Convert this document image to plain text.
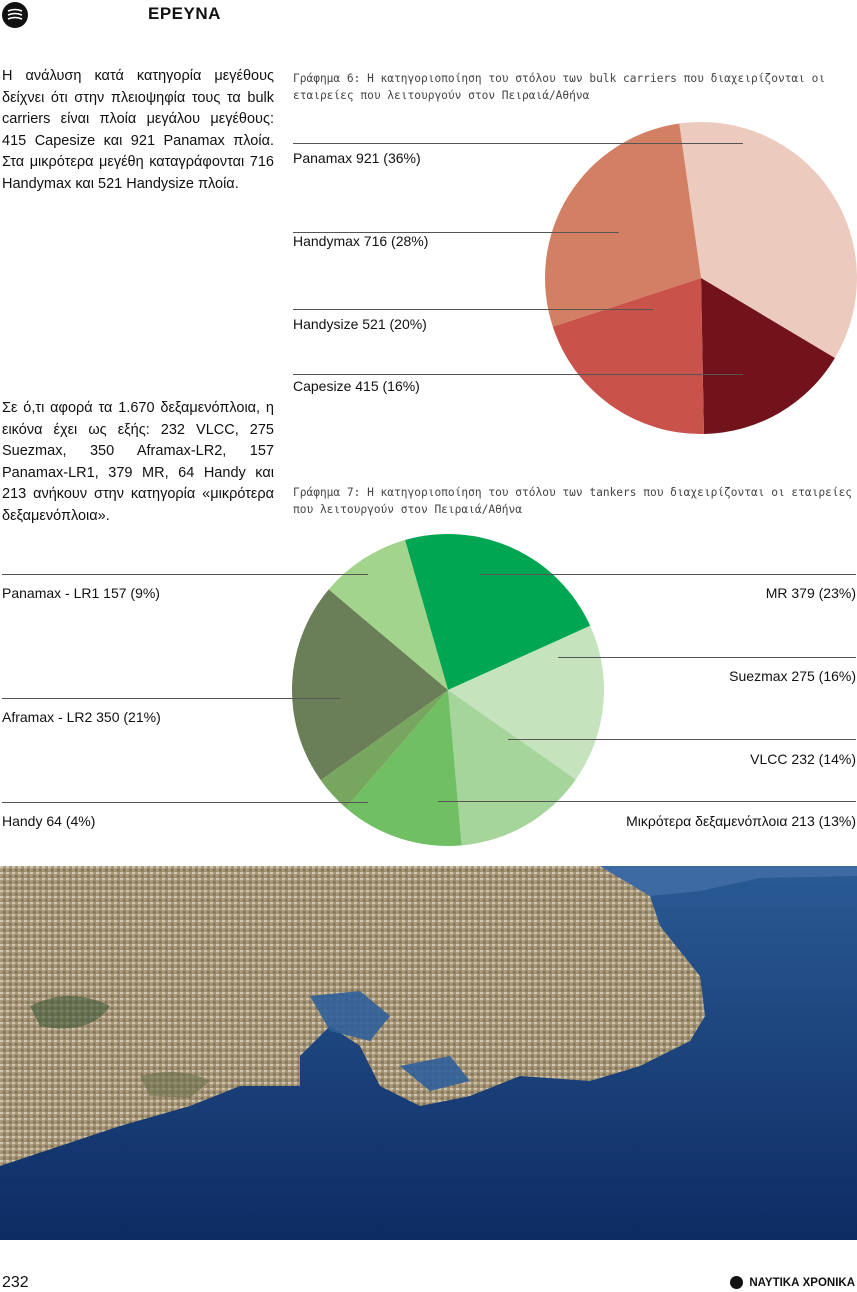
ΕΡΕΥΝΑ
Η ανάλυση κατά κατηγορία μεγέθους δείχνει ότι στην πλειοψηφία τους τα bulk carriers είναι πλοία μεγάλου μεγέθους: 415 Capesize και 921 Panamax πλοία. Στα μικρότερα μεγέθη καταγράφονται 716 Handymax και 521 Handysize πλοία.
Σε ό,τι αφορά τα 1.670 δεξαμενόπλοια, η εικόνα έχει ως εξής: 232 VLCC, 275 Suezmax, 350 Aframax-LR2, 157 Panamax-LR1, 379 MR, 64 Handy και 213 ανήκουν στην κατηγορία «μικρότερα δεξαμενόπλοια».
Γράφημα 6: Η κατηγοριοποίηση του στόλου των bulk carriers που διαχειρίζονται οι εταιρείες που λειτουργούν στον Πειραιά/Αθήνα
Panamax 921 (36%)
Handymax 716 (28%)
Handysize 521 (20%)
Capesize 415 (16%)
Γράφημα 7: Η κατηγοριοποίηση του στόλου των tankers που διαχειρίζονται οι εταιρείες που λειτουργούν στον Πειραιά/Αθήνα
Panamax - LR1 157 (9%)
Aframax - LR2 350 (21%)
Handy 64 (4%)
MR 379 (23%)
Suezmax 275 (16%)
VLCC 232 (14%)
Μικρότερα δεξαμενόπλοια 213 (13%)
232	ΝΑΥΤΙΚΑ ΧΡΟΝΙΚΑ
